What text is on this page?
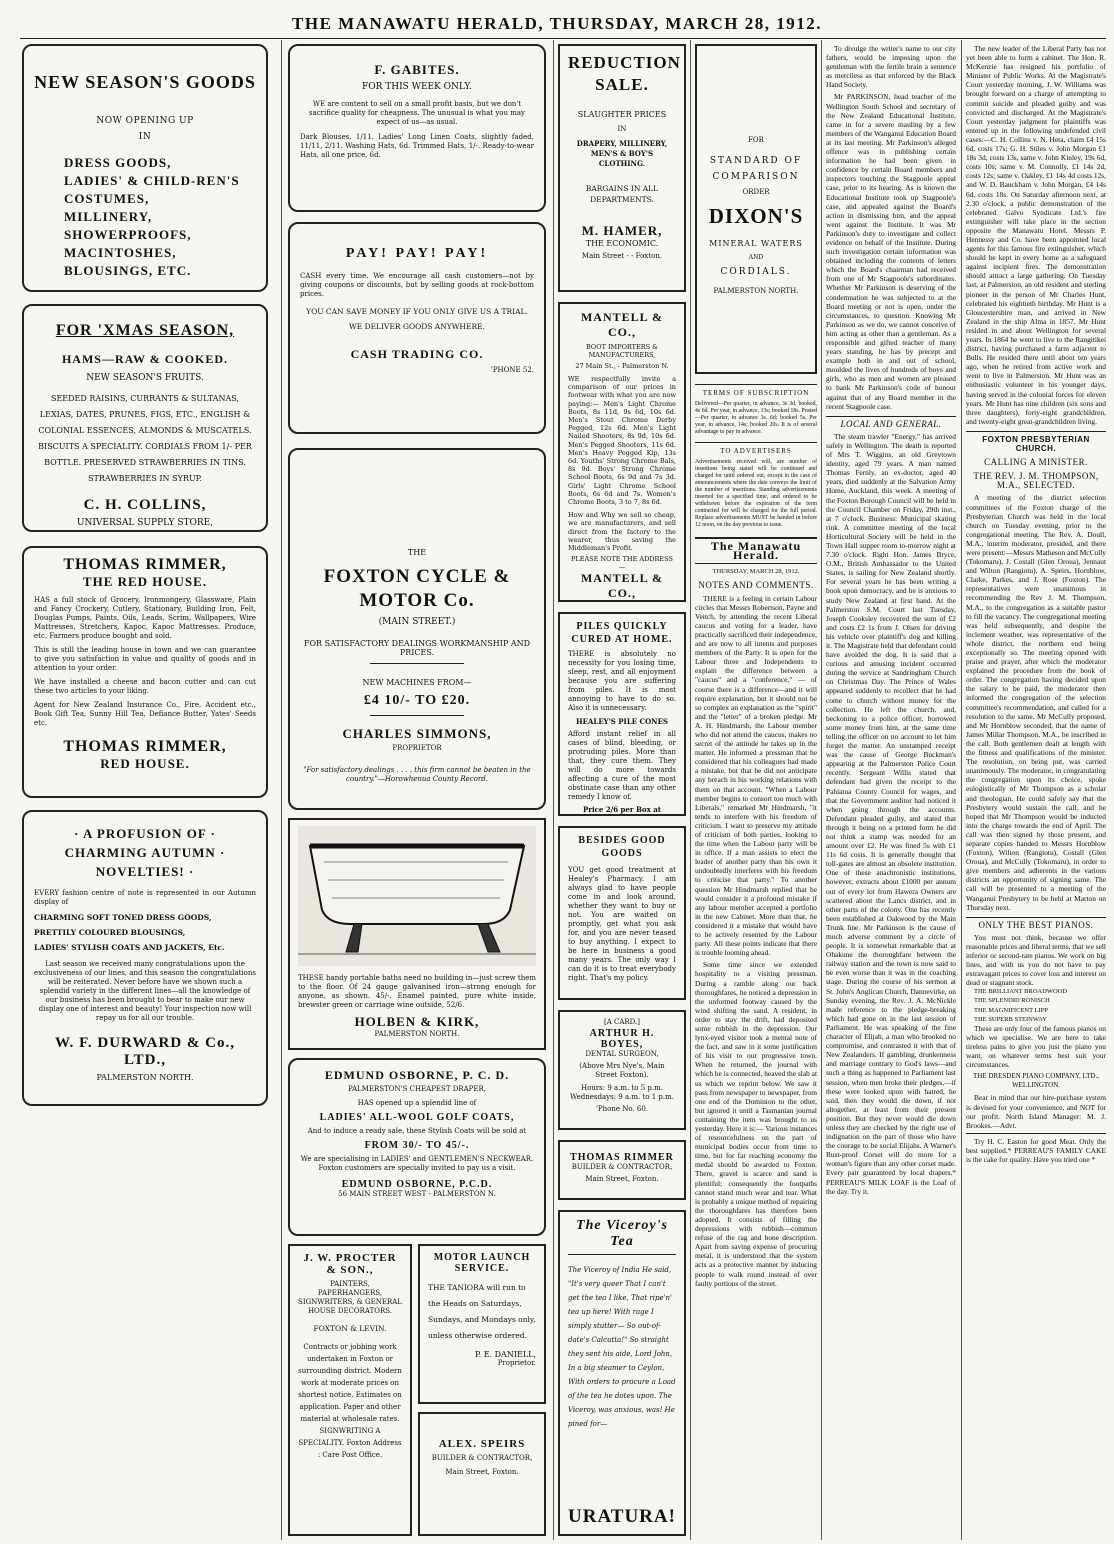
THE MANAWATU HERALD, THURSDAY, MARCH 28, 1912.
NEW SEASON'S GOODS
NOW OPENING UP
IN
DRESS GOODS,
LADIES' & CHILD-REN'S COSTUMES,
MILLINERY,
SHOWERPROOFS,
MACINTOSHES,
BLOUSINGS, ETC.
FOR 'XMAS SEASON,
HAMS—RAW & COOKED.
NEW SEASON'S FRUITS.
SEEDED RAISINS, CURRANTS & SULTANAS, LEXIAS, DATES, PRUNES, FIGS, ETC., ENGLISH & COLONIAL ESSENCES, ALMONDS & MUSCATELS. BISCUITS A SPECIALITY. CORDIALS FROM 1/- PER BOTTLE. PRESERVED STRAWBERRIES IN TINS. STRAWBERRIES IN SYRUP.
C. H. COLLINS,
UNIVERSAL SUPPLY STORE,
THOMAS RIMMER,
THE RED HOUSE.
HAS a full stock of Grocery, Ironmongery, Glassware, Plain and Fancy Crockery, Cutlery, Stationary, Building Iron, Felt, Douglas Pumps, Paints, Oils, Leads, Scrim, Wallpapers, Wire Mattresses, Stretchers, Kapoc, Kapoc Mattresses. Produce, etc. Farmers produce bought and sold.
This is still the leading house in town and we can guarantee to give you satisfaction in value and quality of goods and in attention to your order.
We have installed a cheese and bacon cutter and can cut these two articles to your liking.
Agent for New Zealand Insurance Co., Fire, Accident etc., Book Gift Tea, Sunny Hill Tea, Defiance Butter, Yates' Seeds etc.
THOMAS RIMMER,
RED HOUSE.
· A PROFUSION OF · CHARMING AUTUMN · NOVELTIES! ·
EVERY fashion centre of note is represented in our Autumn display of
CHARMING SOFT TONED DRESS GOODS,
PRETTILY COLOURED BLOUSINGS,
LADIES' STYLISH COATS AND JACKETS, Etc.
Last season we received many congratulations upon the exclusiveness of our lines, and this season the congratulations will be reiterated. Never before have we shown such a splendid variety in the different lines—all the knowledge of our business has been brought to bear to make our new display one of interest and beauty! Your inspection now will repay us for all our trouble.
W. F. DURWARD & Co., LTD.,
PALMERSTON NORTH.
F. GABITES.
FOR THIS WEEK ONLY.
WE are content to sell on a small profit basis, but we don't sacrifice quality for cheapness. The unusual is what you may expect of us—as usual.
Dark Blouses, 1/11. Ladies' Long Linen Coats, slightly faded, 11/11, 2/11. Washing Hats, 6d. Trimmed Hats, 1/-. Ready-to-wear Hats, all one price, 6d.
PAY! PAY! PAY!
CASH every time. We encourage all cash customers—not by giving coupons or discounts, but by selling goods at rock-bottom prices.
YOU CAN SAVE MONEY IF YOU ONLY GIVE US A TRIAL.
WE DELIVER GOODS ANYWHERE.
CASH TRADING CO.
'PHONE 52.
THE
FOXTON CYCLE & MOTOR Co.
(MAIN STREET.)
FOR SATISFACTORY DEALINGS WORKMANSHIP AND PRICES.
NEW MACHINES FROM—
£4 10/- TO £20.
CHARLES SIMMONS,
PROPRIETOR
"For satisfactory dealings . . . . this firm cannot be beaten in the country."—Horowhenua County Record.
THESE handy portable baths need no building in—just screw them to the floor. Of 24 gauge galvanised iron—strong enough for anyone, as shown. 45/-. Enamel painted, pure white inside, brewster green or carriage wine outside, 52/6.
HOLBEN & KIRK,
PALMERSTON NORTH.
EDMUND OSBORNE, P. C. D.
PALMERSTON'S CHEAPEST DRAPER,
HAS opened up a splendid line of
LADIES' ALL-WOOL GOLF COATS,
And to induce a ready sale, these Stylish Coats will be sold at
FROM 30/- TO 45/-.
We are specialising in LADIES' and GENTLEMEN'S NECKWEAR. Foxton customers are specially invited to pay us a visit.
EDMUND OSBORNE, P.C.D.
56 MAIN STREET WEST - PALMERSTON N.
J. W. PROCTER & SON.,
PAINTERS, PAPERHANGERS, SIGNWRITERS, & GENERAL HOUSE DECORATORS.
FOXTON & LEVIN.
Contracts or jobbing work undertaken in Foxton or surrounding district. Modern work at moderate prices on shortest notice. Estimates on application. Paper and other material at wholesale rates. SIGNWRITING A SPECIALITY. Foxton Address : Care Post Office.
MOTOR LAUNCH SERVICE.
THE TANIORA will run to the Heads on Saturdays, Sundays, and Mondays only, unless otherwise ordered.
P. E. DANIELL,
Proprietor.
ALEX. SPEIRS
BUILDER & CONTRACTOR,
Main Street, Foxton.
REDUCTION SALE.
SLAUGHTER PRICES
IN
DRAPERY, MILLINERY, MEN'S & BOY'S CLOTHING.
BARGAINS IN ALL DEPARTMENTS.
M. HAMER,
THE ECONOMIC.
Main Street - - Foxton.
MANTELL & CO.,
BOOT IMPORTERS & MANUFACTURERS,
27 Main St., - Palmerston N.
WE respectfully invite a comparison of our prices in footwear with what you are now paying:— Men's Light Chrome Boots, 8s 11d, 9s 6d, 10s 6d. Men's Stout Chrome Derby Pegged, 12s 6d. Men's Light Nailed Shooters, 8s 9d, 10s 6d. Men's Pegged Shooters, 11s 6d. Men's Heavy Pegged Kip, 13s 6d. Youths' Strong Chrome Bals, 8s 9d. Boys' Strong Chrome School Boots, 6s 9d and 7s 3d. Girls' Light Chrome School Boots, 6s 6d and 7s. Women's Chrome Boots, 3 to 7, 8s 6d.
How and Why we sell so cheap, we are manufacturers, and sell direct from the factory to the wearer, thus saving the Middleman's Profit.
PLEASE NOTE THE ADDRESS—
MANTELL & CO.,
PILES QUICKLY CURED AT HOME.
THERE is absolutely no necessity for you losing time, sleep, rest, and all enjoyment because you are suffering from piles. It is most annoying to have to do so. Also it is unnecessary.
HEALEY'S PILE CONES
Afford instant relief in all cases of blind, bleeding, or protruding piles. More than that, they cure them. They will do more towards affecting a cure of the most obstinate case than any other remedy I know of.
Price 2/6 per Box at
BESIDES GOOD GOODS
YOU get good treatment at Healey's Pharmacy. I am always glad to have people come in and look around, whether they want to buy or not. You are waited on promptly, get what you ask for, and you are never teased to buy anything. I expect to be here in business a good many years. The only way I can do it is to treat everybody right. That's my policy.
[A CARD.]
ARTHUR H. BOYES,
DENTAL SURGEON,
(Above Mrs Nye's, Main Street Foxton).
Hours: 9 a.m. to 5 p.m. Wednesdays: 9 a.m. to 1 p.m.
'Phone No. 60.
THOMAS RIMMER
BUILDER & CONTRACTOR,
Main Street, Foxton.
The Viceroy's Tea
The Viceroy of India He said, "It's very queer That I can't get the tea I like, That ripe'n' tea up here! With rage I simply stutter— So out-of-date's Calcutta!" So straight they sent his aide, Lord John, In a big steamer to Ceylon, With orders to procure a Load of the tea he dotes upon. The Viceroy, was anxious, was! He pined for—
URATURA!
FOR
STANDARD OF
COMPARISON
ORDER
DIXON'S
MINERAL WATERS
AND
CORDIALS.
PALMERSTON NORTH.
TERMS OF SUBSCRIPTION
Delivered—Per quarter, in advance, 3s 3d, booked, 4s 6d. Per year, in advance, 13s; booked 18s. Posted—Per quarter, in advance 3s. 6d; booked 5s. Per year, in advance, 14s; booked 20s. It is of several advantage to pay in advance.
TO ADVERTISERS
Advertisements received will, are number of insertions being stated will be continued and charged for until ordered out, except in the case of announcements where the date conveys the limit of the number of insertions. Standing advertisements inserted for a specified time, and ordered to be withdrawn before the expiration of the term contracted for will be charged for the full period. Replace advertisements MUST be handed in before 12 noon, on the day previous to issue.
The Manawatu Herald.
THURSDAY, MARCH 28, 1912.
NOTES AND COMMENTS.

THERE is a feeling in certain Labour circles that Messrs Robertson, Payne and Veitch, by attending the recent Liberal caucus and voting for a leader, have practically sacrificed their independence, and are now to all intents and purposes members of the Party. It is open for the Labour three and Independents to explain the difference between a "caucus" and a "conference," — of course there is a difference—and it will require explanation, but it should not be so complex an explanation as the "spirit" and the "letter" of a broken pledge. Mr A. H. Hindmarsh, the Labour member who did not attend the caucus, makes no secret of the attitude he takes up in the matter. He informed a pressman that he considered that his colleagues had made a mistake, but that he did not anticipate any breach in his working relations with them on that account. "When a Labour member begins to consort too much with Liberals," remarked Mr Hindmarsh, "it tends to interfere with his freedom of criticism. I want to preserve my attitude of criticism of both parties, looking to the time when the Labour party will be in office. If a man assists to elect the leader of another party than his own it undoubtedly interferes with his freedom to criticise that party." To another question Mr Hindmarsh replied that he would consider it a profound mistake if any labour member accepted a portfolio in the new Cabinet. More than that, he considered it a mistake that would have to be actively resented by the Labour party. All these points indicate that there is trouble looming ahead.

Some time since we extended hospitality to a visiting pressman. During a ramble along our back thoroughfares, he noticed a depression in the unformed footway caused by the wind shifting the sand. A resident, in order to stay the drift, had deposited some rubbish in the depression. Our lynx-eyed visitor took a mental note of the fact, and saw in it some justification of his visit to our progressive town. When he returned, the journal with which he is connected, heaved the slab at us which we reprint below. We saw it pass from newspaper to newspaper, from one end of the Dominion to the other, but ignored it until a Tasmanian journal containing the item was brought to us yesterday. Here it is:— Various instances of resourcefulness on the part of municipal bodies occur from time to time, but for far reaching economy the medal should be awarded to Foxton. There, gravel is scarce and sand is plentiful; consequently the footpaths cannot stand much wear and tear. What is probably a unique method of repairing the thoroughfares has therefore been adopted. It consists of filling the depressions with rubbish—common refuse of the rag and bone description. Apart from saving expense of procuring metal, it is understood that the system acts as a protective manner by inducing people to walk round instead of over faulty portions of the street.

To divulge the writer's name to our city fathers, would be imposing upon the gentleman with the fertile brain a sentence as merciless as that enforced by the Black Hand Society.

Mr PARKINSON, head teacher of the Wellington South School and secretary of the New Zealand Educational Institute, came in for a severe mauling by a few members of the Wanganui Education Board at its last meeting. Mr Parkinson's alleged offence was in publishing certain information he had been given in confidence by certain Board members and inspectors touching the Stagpoole appeal case, prior to its hearing. As is known the Educational Institute took up Stagpoole's case, and appealed against the Board's action in dismissing him, and the appeal went against the Institute. It was Mr Parkinson's duty to investigate and collect evidence on behalf of the Institute. During such investigation certain information was obtained including the contents of letters which the Board's chairman had received from one of Mr Stagpoole's subordinates. Whether Mr Parkinson is deserving of the condemnation he was subjected to at the Board meeting or not is open, under the circumstances, to question. Knowing Mr Parkinson as we do, we cannot conceive of him acting as other than a gentleman. As a responsible and gifted teacher of many years standing, he has by precept and example both in and out of school, moulded the lives of hundreds of boys and girls, who as men and women are pleased to bank Mr Parkinson's code of honour against that of any Board member in the recent Stagpoole case.

LOCAL AND GENERAL.

The steam trawler "Energy," has arrived safely in Wellington. The death is reported of Mrs T. Wiggins, an old Greytown identity, aged 79 years. A man named Thomas Fernly, an ex-doctor, aged 40 years, died suddenly at the Salvation Army Home, Auckland, this week. A meeting of the Foxton Borough Council will be held in the Council Chamber on Friday, 29th inst., at 7 o'clock. Business: Municipal skating rink. A committee meeting of the local Horticultural Society will be held in the Town Hall supper room to-morrow night at 7.30 o'clock. Right Hon. James Bryce, O.M., British Ambassador to the United States, is sailing for New Zealand shortly. For several years he has been writing a book upon democracy, and he is anxious to study New Zealand at first hand. At the Palmerston S.M. Court last Tuesday, Joseph Cooksley recovered the sum of £2 and costs £2 1s from J. Olsen for driving his vehicle over plaintiff's dog and killing it. The Magistrate held that defendant could have avoided the dog. It is said that a curious and amusing incident occurred during the service at Sandringham Church on Christmas Day. The Prince of Wales appeared suddenly to recollect that he had come to church without money for the collection. He left the church, and, beckoning to a police officer, borrowed some money from him, at the same time telling the officer on no account to let him forget the matter. An unstamped receipt was the cause of George Buckman's appearing at the Palmerston Police Court recently. Sergeant Willis stated that defendant had given the receipt to the Pahiatua County Council for wages, and that the Government auditor had noticed it when going through the accounts. Defendant pleaded guilty, and stated that through it being on a printed form he did not think a stamp was needed for an amount over £2. He was fined 5s with £1 11s 6d costs. It is generally thought that toll-gates are almost an obsolete institution. One of these anachronistic institutions, however, extracts about £1000 per annum out of every lot from Hawera Owners are scattered about the Lancs district, and in other parts of the colony. One has recently been established at Oakwood by the Main Trunk line. Mr Parkinson is the cause of much adverse comment by a circle of people. It is somewhat remarkable that at Ohakune the thoroughfare between the railway station and the town is now said to be even worse than it was in the coaching stage. During the course of his sermon at St. John's Anglican Church, Dannevirke, on Sunday evening, the Rev. J. A. McNickle made reference to the pledge-breaking which had gone on in the last session of Parliament. He was speaking of the fine character of Elijah, a man who brooked no compromise, and contrasted it with that of New Zealanders. If gambling, drunkenness and marriage contrary to God's laws—and such a thing as happened to Parliament last session, when men broke their pledges,—if these were looked upon with hatred, he said, then they would die down, if not altogether, at least from their present position. But they never would die down unless they are checked by the right use of indignation on the part of those who have the courage to be social Elijahs. A Warner's Rust-proof Corset will do more for a woman's figure than any other corset made. Every pair guaranteed by local drapers.* PERREAU'S MILK LOAF is the Loaf of the day. Try it.

The new leader of the Liberal Party has not yet been able to form a cabinet. The Hon. R. McKenzie has resigned his portfolio of Minister of Public Works. At the Magistrate's Court yesterday morning, J. W. Williams was brought forward on a charge of attempting to commit suicide and pleaded guilty and was convicted and discharged. At the Magistrate's Court yesterday judgment for plaintiffs was entered up in the following undefended civil cases:—C. H. Collins v. N. Heta, claim £4 15s 6d, costs 17s; G. H. Stiles v. John Morgan £1 18s 3d, costs 13s, same v. John Kinley, 19s 6d, costs 10s; same v. M. Connolly, £1 14s 2d, costs 12s; same v. Oakley, £1 14s 4d costs 12s, and W. D. Bauckham v. John Morgan, £4 14s 6d, costs 18s. On Saturday afternoon next, at 2.30 o'clock, a public demonstration of the celebrated Galvo Syndicate Ltd.'s fire extinguisher will take place in the section opposite the Manawatu Hotel. Messrs P. Hennessy and Co. have been appointed local agents for this famous fire extinguisher, which should be kept in every home as a safeguard against incipient fires. The demonstration should attract a large gathering. On Tuesday last, at Palmerston, an old resident and sterling pioneer in the person of Mr Charles Hunt, celebrated his eightieth birthday. Mr Hunt is a Gloucestershire man, and arrived in New Zealand in the ship Alma in 1857. Mr Hunt resided in and about Wellington for several years. In 1864 he went to live to the Rangitikei district, having purchased a farm adjacent to Bulls. He resided there until about ten years ago, when he retired from active work and went to live in Palmerston. Mr Hunt was an enthusiastic volunteer in his younger days, having served in the colonial forces for eleven years. Mr Hunt has nine children (six sons and three daughters), forty-eight grandchildren, and twenty-eight great-grandchildren living.

FOXTON PRESBYTERIAN CHURCH.
CALLING A MINISTER.
THE REV. J. M. THOMPSON, M.A., SELECTED.

A meeting of the district selection committees of the Foxton charge of the Presbyterian Church was held in the local church on Tuesday evening, prior to the congregational meeting. The Rev. A. Doull, M.A., interim moderator, presided, and there were present:—Messrs Matheson and McCully (Tokomaru), J. Costall (Glen Oroua), Jennaut and Wilton (Rangiotu), A. Speirs, Hornblow, Clarke, Parkes, and J. Rose (Foxton). The representatives were unanimous in recommending the Rev J. M. Thompson, M.A., to the congregation as a suitable pastor to fill the vacancy. The congregational meeting was held subsequently, and despite the inclement weather, was representative of the whole district, the northern end being exceptionally so. The meeting opened with praise and prayer, after which the moderator explained the procedure from the book of order. The congregation having decided upon the salary to be paid, the moderator then informed the congregation of the selection committee's recommendation, and called for a resolution to the same. Mr McCully proposed, and Mr Hornblow seconded, that the name of James Millar Thompson, M.A., be inscribed in the call. Both gentlemen dealt at length with the fitness and qualifications of the minister. The resolution, on being put, was carried unanimously. The moderator, in congratulating the congregation upon its choice, spoke eulogistically of Mr Thompson as a scholar and theologian. He could safely say that the Presbytery would sustain the call, and he hoped that Mr Thompson would be inducted into the charge towards the end of April. The call was then signed by those present, and separate copies handed to Messrs Hornblow (Foxton), Wilton (Rangiotu), Costall (Glen Oroua), and McCully (Tokomaru), in order to give members and adherents in the various districts an opportunity of signing same. The call will be presented to a meeting of the Wanganui Presbytery to be held at Marton on Thursday next.

ONLY THE BEST PIANOS.

You must not think, because we offer reasonable prices and liberal terms, that we sell inferior or second-rate pianos. We work on big lines, and with us you do not have to pay extravagant prices to cover loss and interest on dead or stagnant stock.

THE BRILLIANT BROADWOOD
THE SPLENDID RONISCH
THE MAGNIFICENT LIPP
THE SUPERB STEINWAY

These are only four of the famous pianos on which we specialise. We are here to take tireless pains to give you just the piano you want, on whatever terms best suit your circumstances.

THE DRESDEN PIANO COMPANY, LTD., WELLINGTON.

Bear in mind that our hire-purchase system is devised for your convenience, and NOT for our profit. North Island Manager: M. J. Brookes.—Advt.

Try H. C. Easton for good Meat. Only the best supplied.* PERREAU'S FAMILY CAKE is the cake for quality. Have you tried one *
